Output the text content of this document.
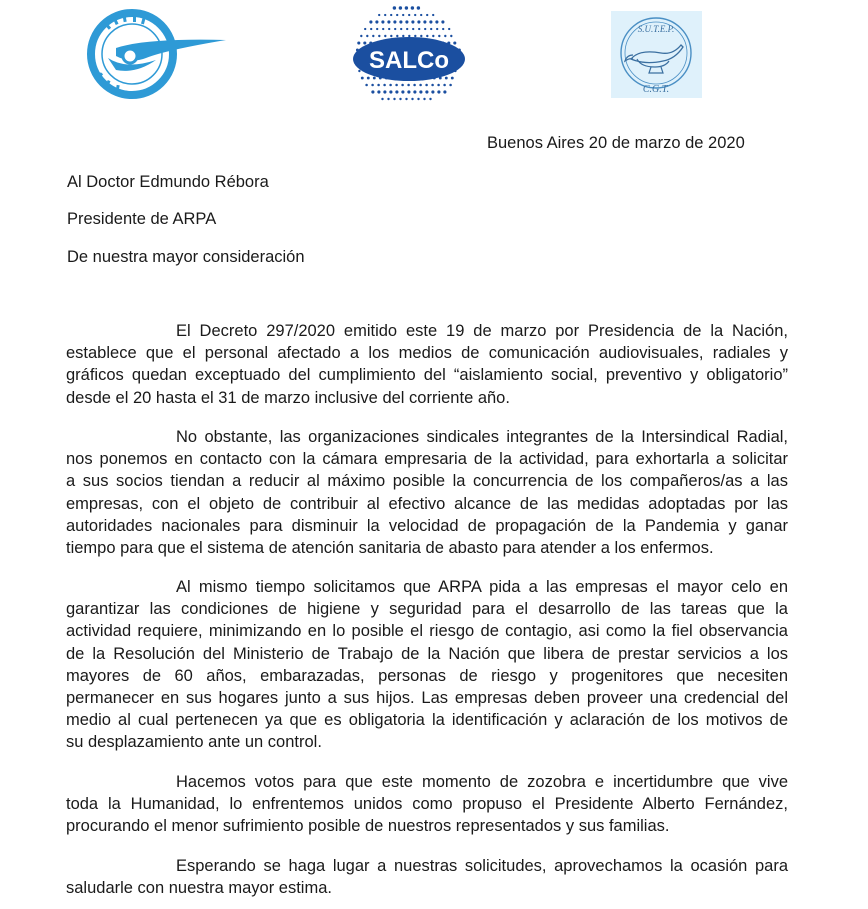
SALCo
S.U.T.E.P.
C.G.T.
Buenos Aires 20 de marzo de 2020
Al Doctor Edmundo Rébora
Presidente de ARPA
De nuestra mayor consideración
El Decreto 297/2020 emitido este 19 de marzo por Presidencia de la Nación,
establece que el personal afectado a los medios de comunicación audiovisuales, radiales y
gráficos quedan exceptuado del cumplimiento del “aislamiento social, preventivo y obligatorio”
desde el 20 hasta el 31 de marzo inclusive del corriente año.
No obstante, las organizaciones sindicales integrantes de la Intersindical Radial,
nos ponemos en contacto con la cámara empresaria de la actividad, para exhortarla a solicitar
a sus socios tiendan a reducir al máximo posible la concurrencia de los compañeros/as a las
empresas, con el objeto de contribuir al efectivo alcance de las medidas adoptadas por las
autoridades nacionales para disminuir la velocidad de propagación de la Pandemia y ganar
tiempo para que el sistema de atención sanitaria de abasto para atender a los enfermos.
Al mismo tiempo solicitamos que ARPA pida a las empresas el mayor celo en
garantizar las condiciones de higiene y seguridad para el desarrollo de las tareas que la
actividad requiere, minimizando en lo posible el riesgo de contagio, asi como la fiel observancia
de la Resolución del Ministerio de Trabajo de la Nación que libera de prestar servicios a los
mayores de 60 años, embarazadas, personas de riesgo y progenitores que necesiten
permanecer en sus hogares junto a sus hijos. Las empresas deben proveer una credencial del
medio al cual pertenecen ya que es obligatoria la identificación y aclaración de los motivos de
su desplazamiento ante un control.
Hacemos votos para que este momento de zozobra e incertidumbre que vive
toda la Humanidad, lo enfrentemos unidos como propuso el Presidente Alberto Fernández,
procurando el menor sufrimiento posible de nuestros representados y sus familias.
Esperando se haga lugar a nuestras solicitudes, aprovechamos la ocasión para
saludarle con nuestra mayor estima.
